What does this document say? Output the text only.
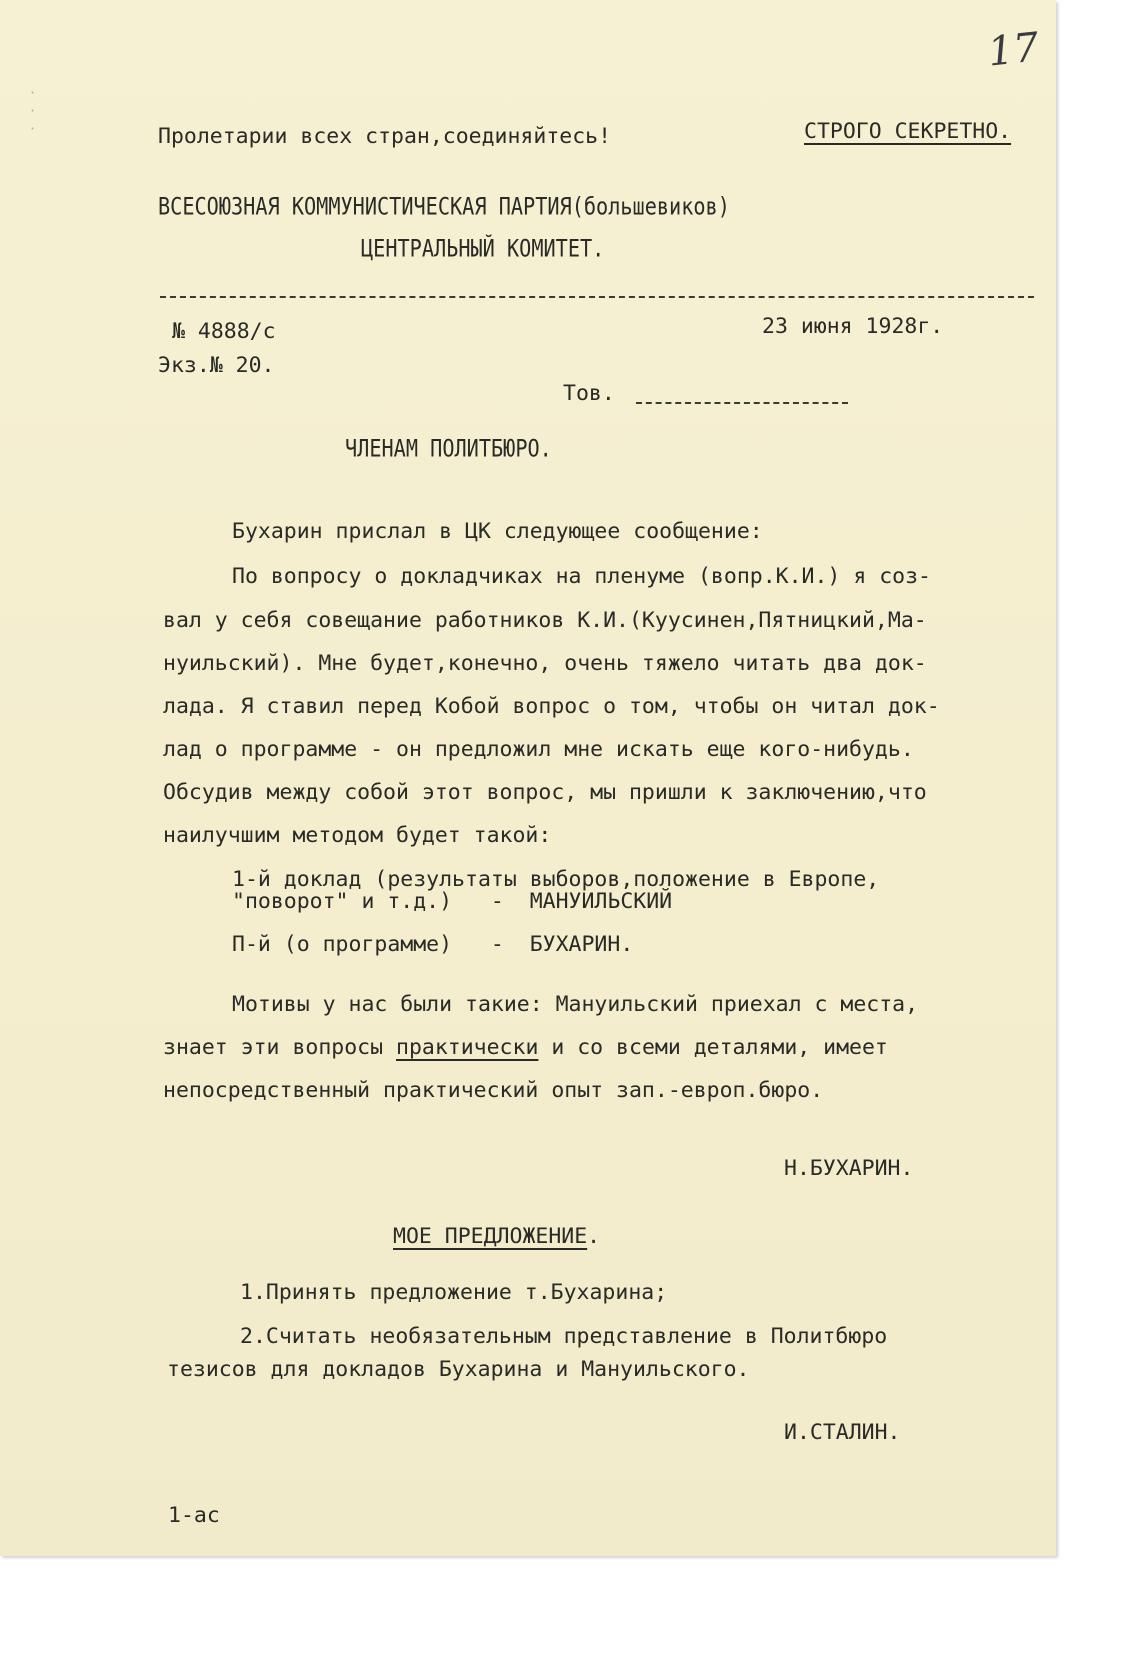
·
·
·
17
Пролетарии всех стран,соединяйтесь!	СТРОГО СЕКРЕТНО.
ВСЕСОЮЗНАЯ КОММУНИСТИЧЕСКАЯ ПАРТИЯ(большевиков)
ЦЕНТРАЛЬНЫЙ КОМИТЕТ.
№ 4888/с	23 июня 1928г.
Экз.№ 20.
Тов.
ЧЛЕНАМ ПОЛИТБЮРО.
Бухарин прислал в ЦК следующее сообщение:
По вопросу о докладчиках на пленуме (вопр.К.И.) я соз-
вал у себя совещание работников К.И.(Куусинен,Пятницкий,Ма-
нуильский). Мне будет,конечно, очень тяжело читать два док-
лада. Я ставил перед Кобой вопрос о том, чтобы он читал док-
лад о программе - он предложил мне искать еще кого-нибудь.
Обсудив между собой этот вопрос, мы пришли к заключению,что
наилучшим методом будет такой:
1-й доклад (результаты выборов,положение в Европе,
"поворот" и т.д.)   -  МАНУИЛЬСКИЙ
П-й (о программе)   -  БУХАРИН.
Мотивы у нас были такие: Мануильский приехал с места,
знает эти вопросы практически и со всеми деталями, имеет
непосредственный практический опыт зап.-европ.бюро.
Н.БУХАРИН.
МОЕ ПРЕДЛОЖЕНИЕ.
1.Принять предложение т.Бухарина;
2.Считать необязательным представление в Политбюро
тезисов для докладов Бухарина и Мануильского.
И.СТАЛИН.
1-ас
